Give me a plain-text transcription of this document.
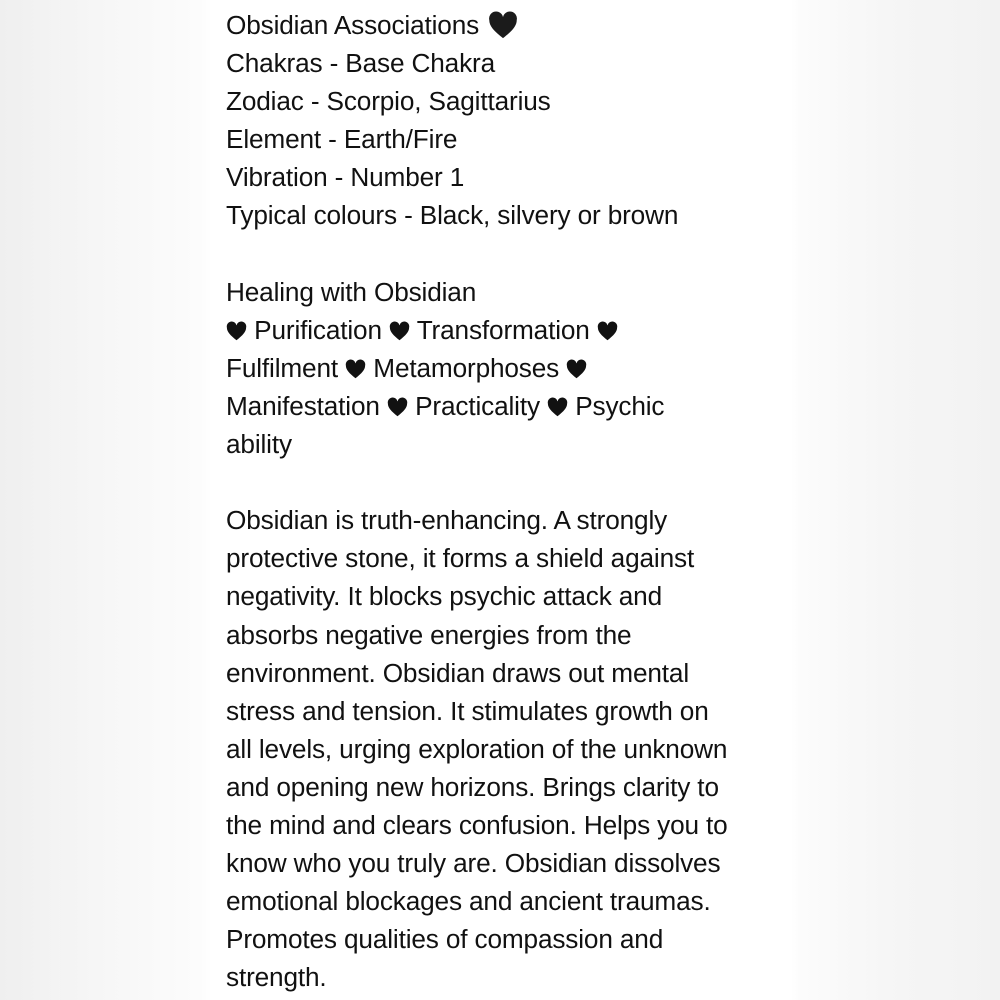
Obsidian Associations
Chakras - Base Chakra
Zodiac - Scorpio, Sagittarius
Element - Earth/Fire
Vibration - Number 1
Typical colours - Black, silvery or brown
Healing with Obsidian
Purification Transformation
Fulfilment Metamorphoses
Manifestation Practicality Psychic
ability
Obsidian is truth-enhancing. A strongly
protective stone, it forms a shield against
negativity. It blocks psychic attack and
absorbs negative energies from the
environment. Obsidian draws out mental
stress and tension. It stimulates growth on
all levels, urging exploration of the unknown
and opening new horizons. Brings clarity to
the mind and clears confusion. Helps you to
know who you truly are. Obsidian dissolves
emotional blockages and ancient traumas.
Promotes qualities of compassion and
strength.
